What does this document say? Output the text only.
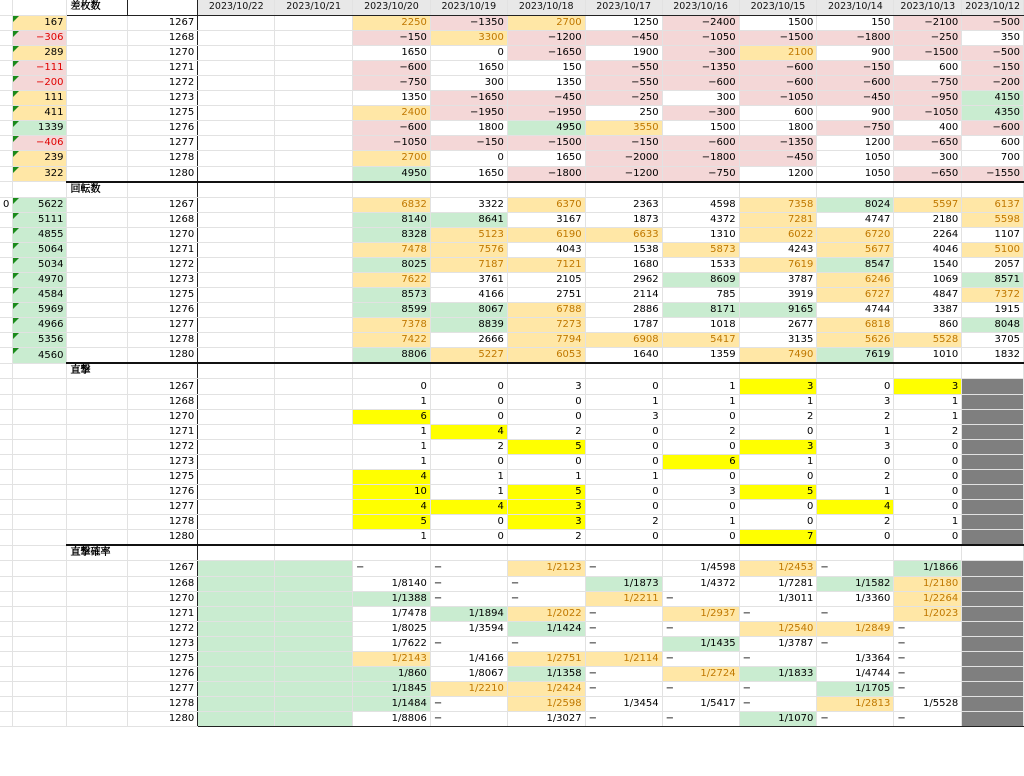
		差枚数		2023/10/22	2023/10/21	2023/10/20	2023/10/19	2023/10/18	2023/10/17	2023/10/16	2023/10/15	2023/10/14	2023/10/13	2023/10/12
	167		1267			2250	−1350	2700	1250	−2400	1500	150	−2100	−500
	−306		1268			−150	3300	−1200	−450	−1050	−1500	−1800	−250	350
	289		1270			1650	0	−1650	1900	−300	2100	900	−1500	−500
	−111		1271			−600	1650	150	−550	−1350	−600	−150	600	−150
	−200		1272			−750	300	1350	−550	−600	−600	−600	−750	−200
	111		1273			1350	−1650	−450	−250	300	−1050	−450	−950	4150
	411		1275			2400	−1950	−1950	250	−300	600	900	−1050	4350
	1339		1276			−600	1800	4950	3550	1500	1800	−750	400	−600
	−406		1277			−1050	−150	−1500	−150	−600	−1350	1200	−650	600
	239		1278			2700	0	1650	−2000	−1800	−450	1050	300	700
	322		1280			4950	1650	−1800	−1200	−750	1200	1050	−650	−1550
		回転数												
0	5622		1267			6832	3322	6370	2363	4598	7358	8024	5597	6137
	5111		1268			8140	8641	3167	1873	4372	7281	4747	2180	5598
	4855		1270			8328	5123	6190	6633	1310	6022	6720	2264	1107
	5064		1271			7478	7576	4043	1538	5873	4243	5677	4046	5100
	5034		1272			8025	7187	7121	1680	1533	7619	8547	1540	2057
	4970		1273			7622	3761	2105	2962	8609	3787	6246	1069	8571
	4584		1275			8573	4166	2751	2114	785	3919	6727	4847	7372
	5969		1276			8599	8067	6788	2886	8171	9165	4744	3387	1915
	4966		1277			7378	8839	7273	1787	1018	2677	6818	860	8048
	5356		1278			7422	2666	7794	6908	5417	3135	5626	5528	3705
	4560		1280			8806	5227	6053	1640	1359	7490	7619	1010	1832
		直撃												
			1267			0	0	3	0	1	3	0	3	
			1268			1	0	0	1	1	1	3	1	
			1270			6	0	0	3	0	2	2	1	
			1271			1	4	2	0	2	0	1	2	
			1272			1	2	5	0	0	3	3	0	
			1273			1	0	0	0	6	1	0	0	
			1275			4	1	1	1	0	0	2	0	
			1276			10	1	5	0	3	5	1	0	
			1277			4	4	3	0	0	0	4	0	
			1278			5	0	3	2	1	0	2	1	
			1280			1	0	2	0	0	7	0	0	
		直撃確率												
			1267			−	−	1/2123	−	1/4598	1/2453	−	1/1866	
			1268			1/8140	−	−	1/1873	1/4372	1/7281	1/1582	1/2180	
			1270			1/1388	−	−	1/2211	−	1/3011	1/3360	1/2264	
			1271			1/7478	1/1894	1/2022	−	1/2937	−	−	1/2023	
			1272			1/8025	1/3594	1/1424	−	−	1/2540	1/2849	−	
			1273			1/7622	−	−	−	1/1435	1/3787	−	−	
			1275			1/2143	1/4166	1/2751	1/2114	−	−	1/3364	−	
			1276			1/860	1/8067	1/1358	−	1/2724	1/1833	1/4744	−	
			1277			1/1845	1/2210	1/2424	−	−	−	1/1705	−	
			1278			1/1484	−	1/2598	1/3454	1/5417	−	1/2813	1/5528	
			1280			1/8806	−	1/3027	−	−	1/1070	−	−	
